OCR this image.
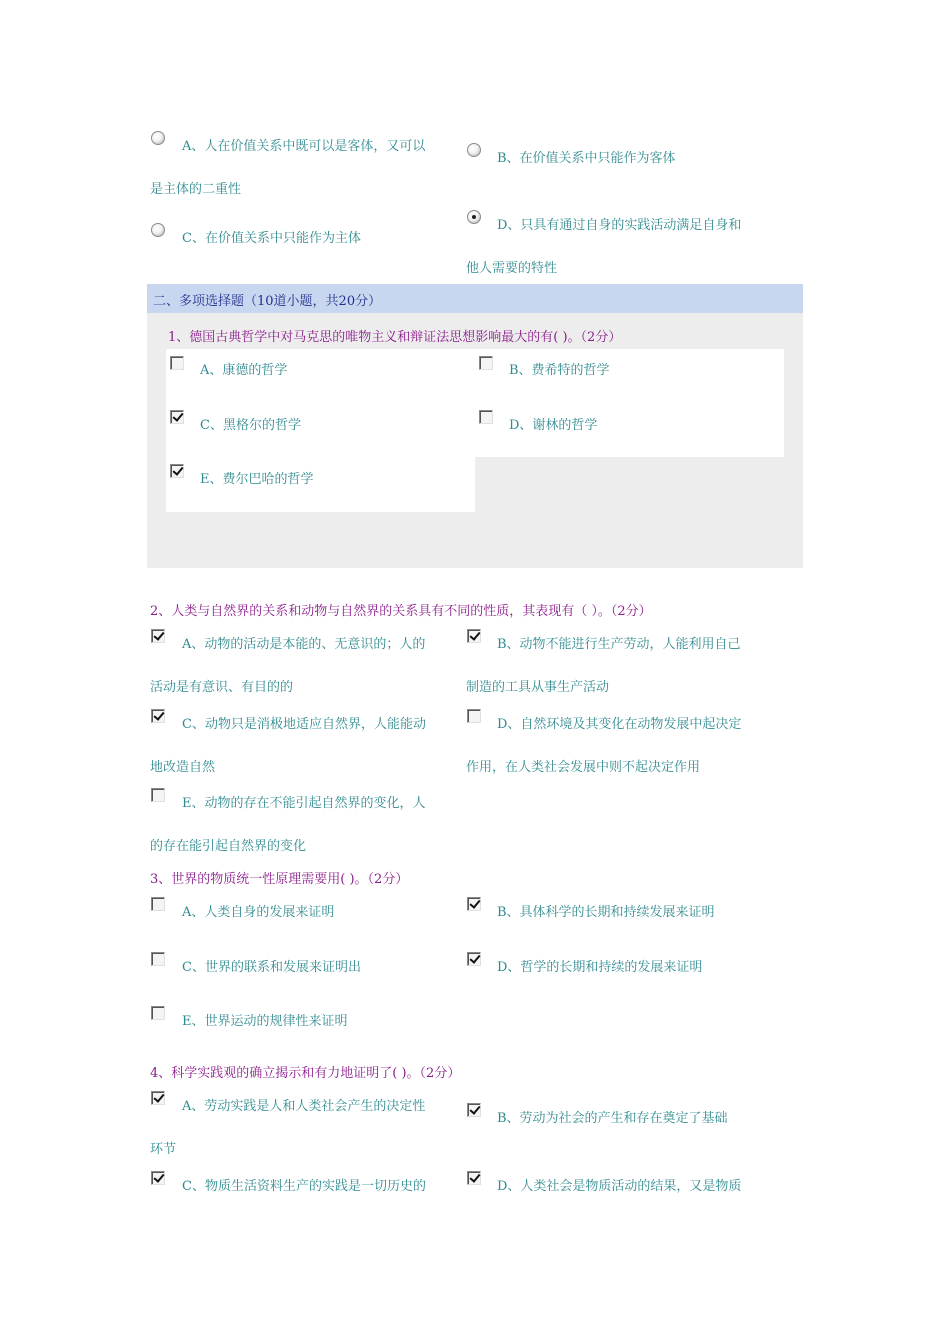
A、人在价值关系中既可以是客体，又可以
是主体的二重性
B、在价值关系中只能作为客体
C、在价值关系中只能作为主体
D、只具有通过自身的实践活动满足自身和
他人需要的特性
二、多项选择题（10道小题，共20分）
1、德国古典哲学中对马克思的唯物主义和辩证法思想影响最大的有( )。（2分）
A、康德的哲学	B、费希特的哲学
C、黑格尔的哲学	D、谢林的哲学
E、费尔巴哈的哲学
2、人类与自然界的关系和动物与自然界的关系具有不同的性质，其表现有（ ）。（2分）
A、动物的活动是本能的、无意识的；人的
活动是有意识、有目的的
B、动物不能进行生产劳动，人能利用自己
制造的工具从事生产活动
C、动物只是消极地适应自然界，人能能动
地改造自然
D、自然环境及其变化在动物发展中起决定
作用，在人类社会发展中则不起决定作用
E、动物的存在不能引起自然界的变化，人
的存在能引起自然界的变化
3、世界的物质统一性原理需要用( )。（2分）
A、人类自身的发展来证明	B、具体科学的长期和持续发展来证明
C、世界的联系和发展来证明出	D、哲学的长期和持续的发展来证明
E、世界运动的规律性来证明
4、科学实践观的确立揭示和有力地证明了( )。（2分）
A、劳动实践是人和人类社会产生的决定性
环节
B、劳动为社会的产生和存在奠定了基础
C、物质生活资料生产的实践是一切历史的	D、人类社会是物质活动的结果，又是物质
